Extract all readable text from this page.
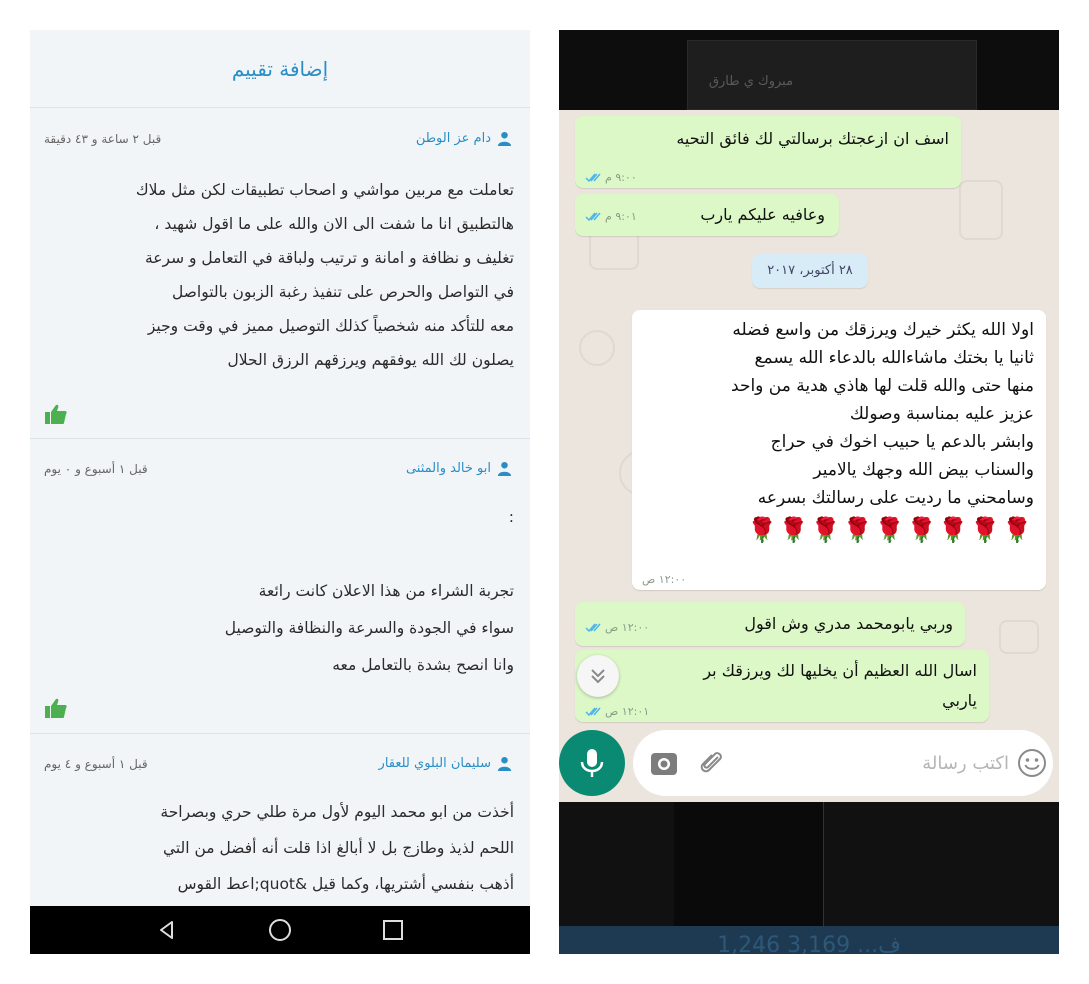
إضافة تقييم
دام عز الوطن
قبل ٢ ساعة و ٤٣ دقيقة
تعاملت مع مربين مواشي و اصحاب تطبيقات لكن مثل ملاك
هالتطبيق انا ما شفت الى الان والله على ما اقول شهيد ،
تغليف و نظافة و امانة و ترتيب ولباقة في التعامل و سرعة
في التواصل والحرص على تنفيذ رغبة الزبون بالتواصل
معه للتأكد منه شخصياً كذلك التوصيل مميز في وقت وجيز
يصلون لك الله يوفقهم ويرزقهم الرزق الحلال
ابو خالد والمثنى
قبل ١ أسبوع و ٠ يوم
:
تجربة الشراء من هذا الاعلان كانت رائعة
سواء في الجودة والسرعة والنظافة والتوصيل
وانا انصح بشدة بالتعامل معه
سليمان البلوي للعقار
قبل ١ أسبوع و ٤ يوم
أخذت من ابو محمد اليوم لأول مرة طلي حري وبصراحة
اللحم لذيذ وطازج بل لا أبالغ اذا قلت أنه أفضل من التي
أذهب بنفسي أشتريها، وكما قيل &quot;اعط القوس
مبروك ي طارق
اسف ان ازعجتك برسالتي لك فائق التحيه
٩:٠٠ م
وعافيه عليكم يارب
٩:٠١ م
٢٨ أكتوبر، ٢٠١٧
اولا الله يكثر خيرك ويرزقك من واسع فضله
ثانيا يا بختك ماشاءالله بالدعاء الله يسمع
منها حتى والله قلت لها هاذي هدية من واحد
عزيز عليه بمناسبة وصولك
وابشر بالدعم يا حبيب اخوك في حراج
والسناب بيض الله وجهك يالامير
وسامحني ما رديت على رسالتك بسرعه
🌹🌹🌹🌹🌹🌹🌹🌹🌹
١٢:٠٠ ص
وربي يابومحمد مدري وش اقول
١٢:٠٠ ص
اسال الله العظيم أن يخليها لك ويرزقك بر
ياربي
١٢:٠١ ص
اكتب رسالة
1,246 ف... 3,169
